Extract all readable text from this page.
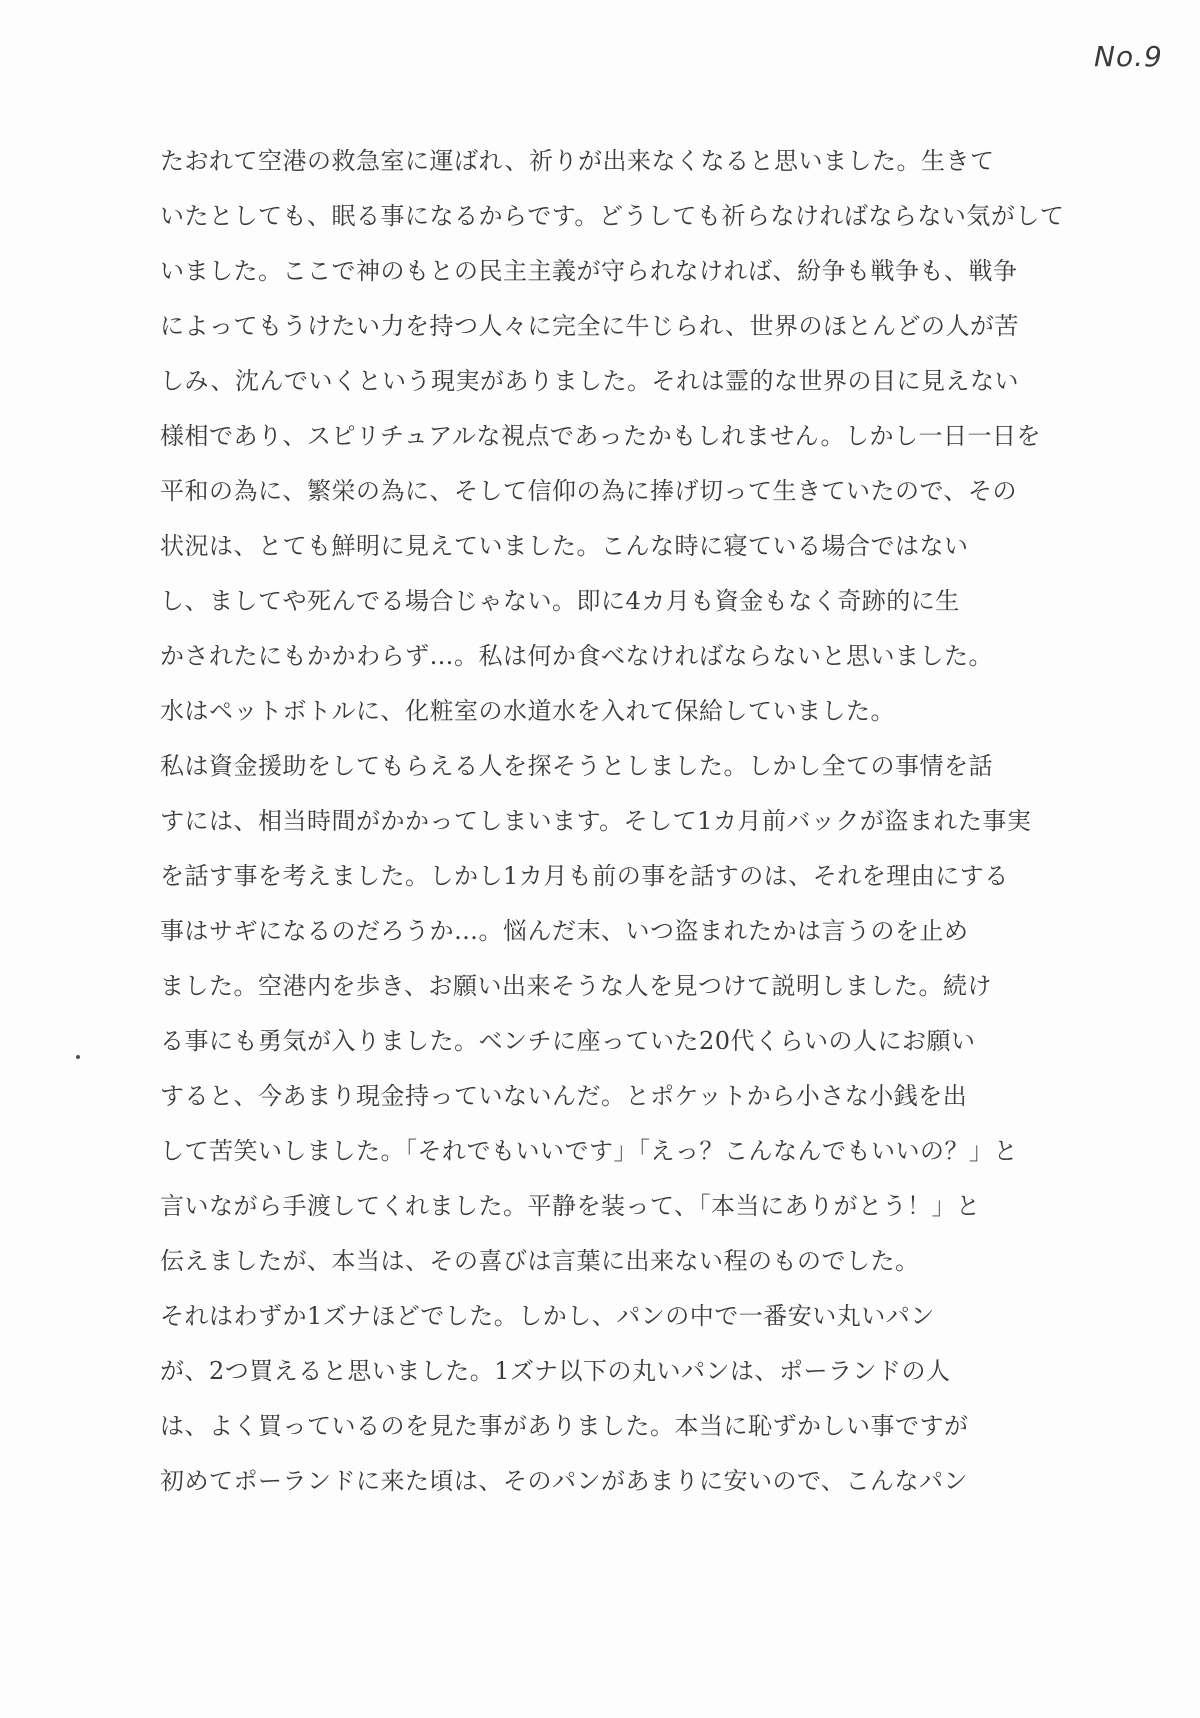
No.9
たおれて空港の救急室に運ばれ、祈りが出来なくなると思いました。生きて
いたとしても、眠る事になるからです。どうしても祈らなければならない気がして
いました。ここで神のもとの民主主義が守られなければ、紛争も戦争も、戦争
によってもうけたい力を持つ人々に完全に牛じられ、世界のほとんどの人が苦
しみ、沈んでいくという現実がありました。それは霊的な世界の目に見えない
様相であり、スピリチュアルな視点であったかもしれません。しかし一日一日を
平和の為に、繁栄の為に、そして信仰の為に捧げ切って生きていたので、その
状況は、とても鮮明に見えていました。こんな時に寝ている場合ではない
し、ましてや死んでる場合じゃない。即に4カ月も資金もなく奇跡的に生
かされたにもかかわらず…。私は何か食べなければならないと思いました。
水はペットボトルに、化粧室の水道水を入れて保給していました。
私は資金援助をしてもらえる人を探そうとしました。しかし全ての事情を話
すには、相当時間がかかってしまいます。そして1カ月前バックが盗まれた事実
を話す事を考えました。しかし1カ月も前の事を話すのは、それを理由にする
事はサギになるのだろうか…。悩んだ末、いつ盗まれたかは言うのを止め
ました。空港内を歩き、お願い出来そうな人を見つけて説明しました。続け
る事にも勇気が入りました。ベンチに座っていた20代くらいの人にお願い
すると、今あまり現金持っていないんだ。とポケットから小さな小銭を出
して苦笑いしました。「それでもいいです」「えっ？こんなんでもいいの？」と
言いながら手渡してくれました。平静を装って、「本当にありがとう！」と
伝えましたが、本当は、その喜びは言葉に出来ない程のものでした。
それはわずか1ズナほどでした。しかし、パンの中で一番安い丸いパン
が、2つ買えると思いました。1ズナ以下の丸いパンは、ポーランドの人
は、よく買っているのを見た事がありました。本当に恥ずかしい事ですが
初めてポーランドに来た頃は、そのパンがあまりに安いので、こんなパン
